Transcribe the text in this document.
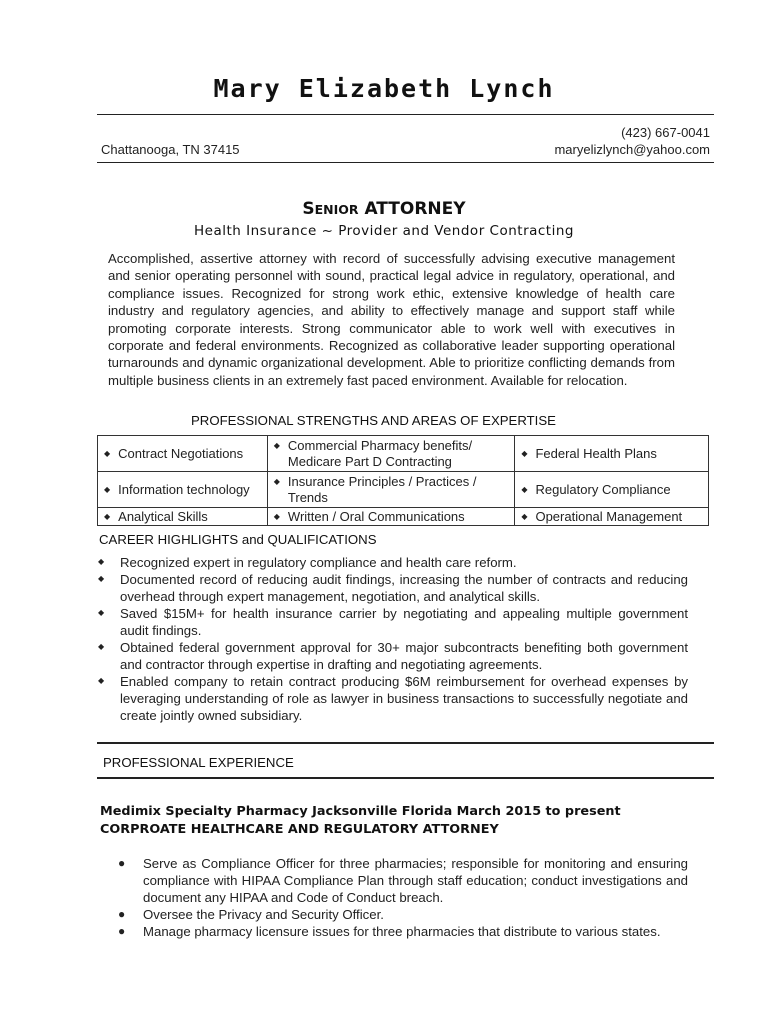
Mary Elizabeth Lynch
(423) 667-0041
Chattanooga, TN 37415	maryelizlynch@yahoo.com
SENIOR ATTORNEY
Health Insurance ~ Provider and Vendor Contracting
Accomplished, assertive attorney with record of successfully advising executive management and senior operating personnel with sound, practical legal advice in regulatory, operational, and compliance issues. Recognized for strong work ethic, extensive knowledge of health care industry and regulatory agencies, and ability to effectively manage and support staff while promoting corporate interests. Strong communicator able to work well with executives in corporate and federal environments. Recognized as collaborative leader supporting operational turnarounds and dynamic organizational development. Able to prioritize conflicting demands from multiple business clients in an extremely fast paced environment. Available for relocation.
PROFESSIONAL STRENGTHS AND AREAS OF EXPERTISE
◆ Contract Negotiations	◆ Commercial Pharmacy benefits/ Medicare Part D Contracting	◆ Federal Health Plans

◆ Information technology	◆ Insurance Principles / Practices / Trends	◆ Regulatory Compliance

◆ Analytical Skills	◆ Written / Oral Communications	◆ Operational Management
CAREER HIGHLIGHTS and QUALIFICATIONS
◆	Recognized expert in regulatory compliance and health care reform.
◆	Documented record of reducing audit findings, increasing the number of contracts and reducing overhead through expert management, negotiation, and analytical skills.
◆	Saved $15M+ for health insurance carrier by negotiating and appealing multiple government audit findings.
◆	Obtained federal government approval for 30+ major subcontracts benefiting both government and contractor through expertise in drafting and negotiating agreements.
◆	Enabled company to retain contract producing $6M reimbursement for overhead expenses by leveraging understanding of role as lawyer in business transactions to successfully negotiate and create jointly owned subsidiary.
PROFESSIONAL EXPERIENCE
Medimix Specialty Pharmacy Jacksonville Florida March 2015 to present
CORPROATE HEALTHCARE AND REGULATORY ATTORNEY
●	Serve as Compliance Officer for three pharmacies; responsible for monitoring and ensuring compliance with HIPAA Compliance Plan through staff education; conduct investigations and document any HIPAA and Code of Conduct breach.
●	Oversee the Privacy and Security Officer.
●	Manage pharmacy licensure issues for three pharmacies that distribute to various states.
